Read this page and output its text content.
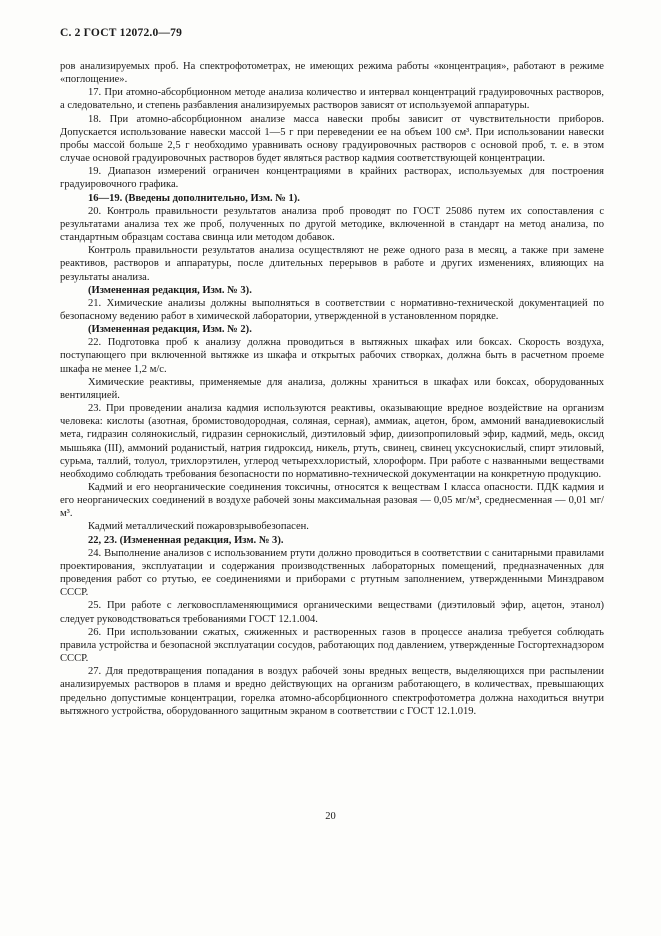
С. 2 ГОСТ 12072.0—79

ров анализируемых проб. На спектрофотометрах, не имеющих режима работы «концентрация», работают в режиме «поглощение».

17. При атомно-абсорбционном методе анализа количество и интервал концентраций градуировочных растворов, а следовательно, и степень разбавления анализируемых растворов зависят от используемой аппаратуры.

18. При атомно-абсорбционном анализе масса навески пробы зависит от чувствительности приборов. Допускается использование навески массой 1—5 г при переведении ее на объем 100 см³. При использовании навески пробы массой больше 2,5 г необходимо уравнивать основу градуировочных растворов с основой проб, т. е. в этом случае основой градуировочных растворов будет являться раствор кадмия соответствующей концентрации.

19. Диапазон измерений ограничен концентрациями в крайних растворах, используемых для построения градуировочного графика.

16—19. (Введены дополнительно, Изм. № 1).

20. Контроль правильности результатов анализа проб проводят по ГОСТ 25086 путем их сопоставления с результатами анализа тех же проб, полученных по другой методике, включенной в стандарт на метод анализа, по стандартным образцам состава свинца или методом добавок.

Контроль правильности результатов анализа осуществляют не реже одного раза в месяц, а также при замене реактивов, растворов и аппаратуры, после длительных перерывов в работе и других изменениях, влияющих на результаты анализа.

(Измененная редакция, Изм. № 3).

21. Химические анализы должны выполняться в соответствии с нормативно-технической документацией по безопасному ведению работ в химической лаборатории, утвержденной в установленном порядке.

(Измененная редакция, Изм. № 2).

22. Подготовка проб к анализу должна проводиться в вытяжных шкафах или боксах. Скорость воздуха, поступающего при включенной вытяжке из шкафа и открытых рабочих створках, должна быть в расчетном проеме шкафа не менее 1,2 м/с.

Химические реактивы, применяемые для анализа, должны храниться в шкафах или боксах, оборудованных вентиляцией.

23. При проведении анализа кадмия используются реактивы, оказывающие вредное воздействие на организм человека: кислоты (азотная, бромистоводородная, соляная, серная), аммиак, ацетон, бром, аммоний ванадиевокислый мета, гидразин солянокислый, гидразин сернокислый, диэтиловый эфир, диизопропиловый эфир, кадмий, медь, оксид мышьяка (III), аммоний роданистый, натрия гидроксид, никель, ртуть, свинец, свинец уксуснокислый, спирт этиловый, сурьма, таллий, толуол, трихлорэтилен, углерод четыреххлористый, хлороформ. При работе с названными веществами необходимо соблюдать требования безопасности по нормативно-технической документации на конкретную продукцию.

Кадмий и его неорганические соединения токсичны, относятся к веществам I класса опасности. ПДК кадмия и его неорганических соединений в воздухе рабочей зоны максимальная разовая — 0,05 мг/м³, среднесменная — 0,01 мг/м³.

Кадмий металлический пожаровзрывобезопасен.

22, 23. (Измененная редакция, Изм. № 3).

24. Выполнение анализов с использованием ртути должно проводиться в соответствии с санитарными правилами проектирования, эксплуатации и содержания производственных лабораторных помещений, предназначенных для проведения работ со ртутью, ее соединениями и приборами с ртутным заполнением, утвержденными Минздравом СССР.

25. При работе с легковоспламеняющимися органическими веществами (диэтиловый эфир, ацетон, этанол) следует руководствоваться требованиями ГОСТ 12.1.004.

26. При использовании сжатых, сжиженных и растворенных газов в процессе анализа требуется соблюдать правила устройства и безопасной эксплуатации сосудов, работающих под давлением, утвержденные Госгортехнадзором СССР.

27. Для предотвращения попадания в воздух рабочей зоны вредных веществ, выделяющихся при распылении анализируемых растворов в пламя и вредно действующих на организм работающего, в количествах, превышающих предельно допустимые концентрации, горелка атомно-абсорбционного спектрофотометра должна находиться внутри вытяжного устройства, оборудованного защитным экраном в соответствии с ГОСТ 12.1.019.

20
